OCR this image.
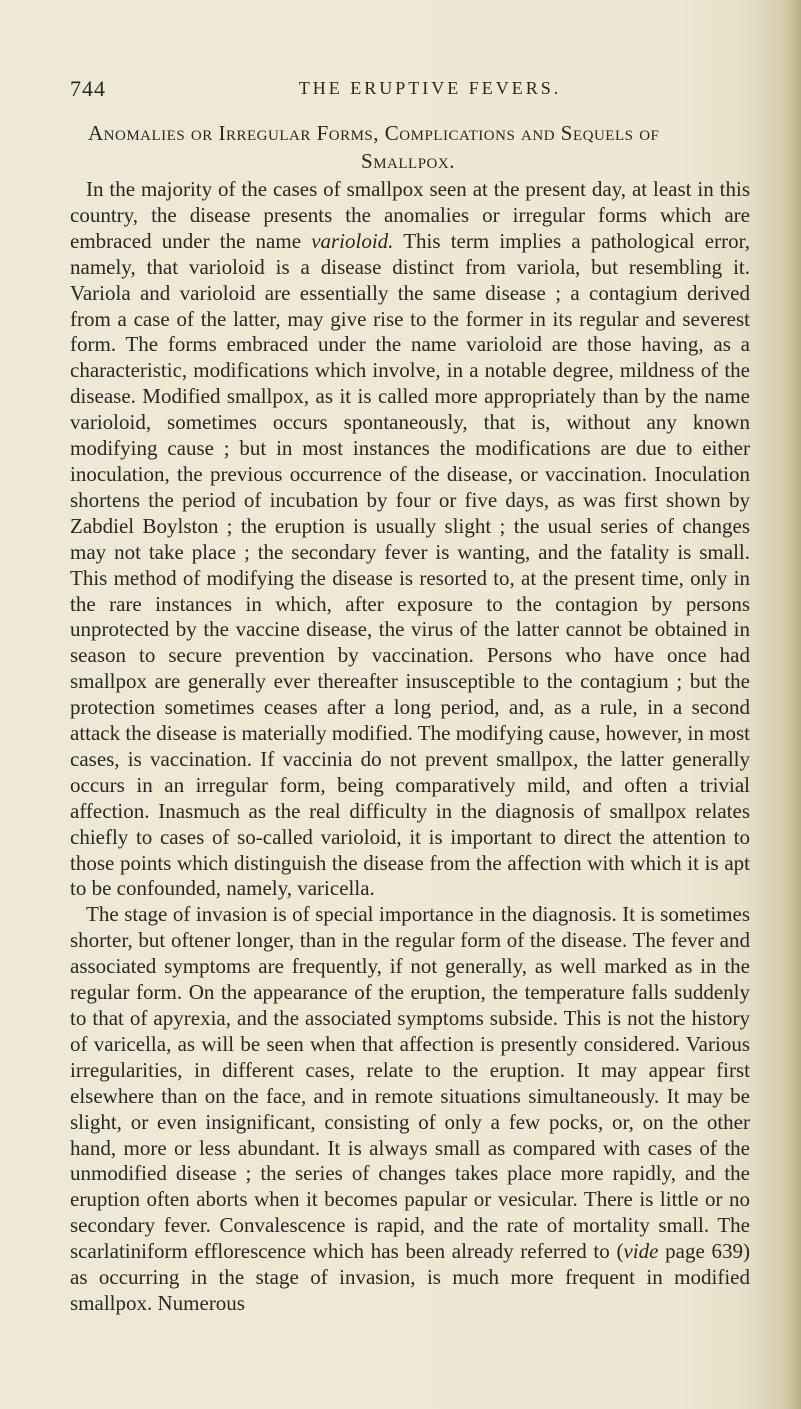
744	THE ERUPTIVE FEVERS.
Anomalies or Irregular Forms, Complications and Sequels of
Smallpox.

In the majority of the cases of smallpox seen at the present day, at least in this country, the disease presents the anomalies or irregular forms which are embraced under the name varioloid. This term implies a pathological error, namely, that varioloid is a disease distinct from variola, but resembling it. Variola and varioloid are essentially the same disease ; a contagium derived from a case of the latter, may give rise to the former in its regular and severest form. The forms embraced under the name varioloid are those having, as a characteristic, modifications which involve, in a notable degree, mildness of the disease. Modified smallpox, as it is called more appropriately than by the name varioloid, sometimes occurs spontaneously, that is, without any known modifying cause ; but in most instances the modifications are due to either inoculation, the previous occurrence of the disease, or vaccination. Inoculation shortens the period of incubation by four or five days, as was first shown by Zabdiel Boylston ; the eruption is usually slight ; the usual series of changes may not take place ; the secondary fever is wanting, and the fatality is small. This method of modifying the disease is resorted to, at the present time, only in the rare instances in which, after exposure to the contagion by persons unprotected by the vaccine disease, the virus of the latter cannot be obtained in season to secure prevention by vaccination. Persons who have once had smallpox are generally ever thereafter insusceptible to the contagium ; but the protection sometimes ceases after a long period, and, as a rule, in a second attack the disease is materially modified. The modifying cause, however, in most cases, is vaccination. If vaccinia do not prevent smallpox, the latter generally occurs in an irregular form, being comparatively mild, and often a trivial affection. Inasmuch as the real difficulty in the diagnosis of smallpox relates chiefly to cases of so-called varioloid, it is important to direct the attention to those points which distinguish the disease from the affection with which it is apt to be confounded, namely, varicella.

The stage of invasion is of special importance in the diagnosis. It is sometimes shorter, but oftener longer, than in the regular form of the disease. The fever and associated symptoms are frequently, if not generally, as well marked as in the regular form. On the appearance of the eruption, the temperature falls suddenly to that of apyrexia, and the associated symptoms subside. This is not the history of varicella, as will be seen when that affection is presently considered. Various irregularities, in different cases, relate to the eruption. It may appear first elsewhere than on the face, and in remote situations simultaneously. It may be slight, or even insignificant, consisting of only a few pocks, or, on the other hand, more or less abundant. It is always small as compared with cases of the unmodified disease ; the series of changes takes place more rapidly, and the eruption often aborts when it becomes papular or vesicular. There is little or no secondary fever. Convalescence is rapid, and the rate of mortality small. The scarlatiniform efflorescence which has been already referred to (vide page 639) as occurring in the stage of invasion, is much more frequent in modified smallpox. Numerous
